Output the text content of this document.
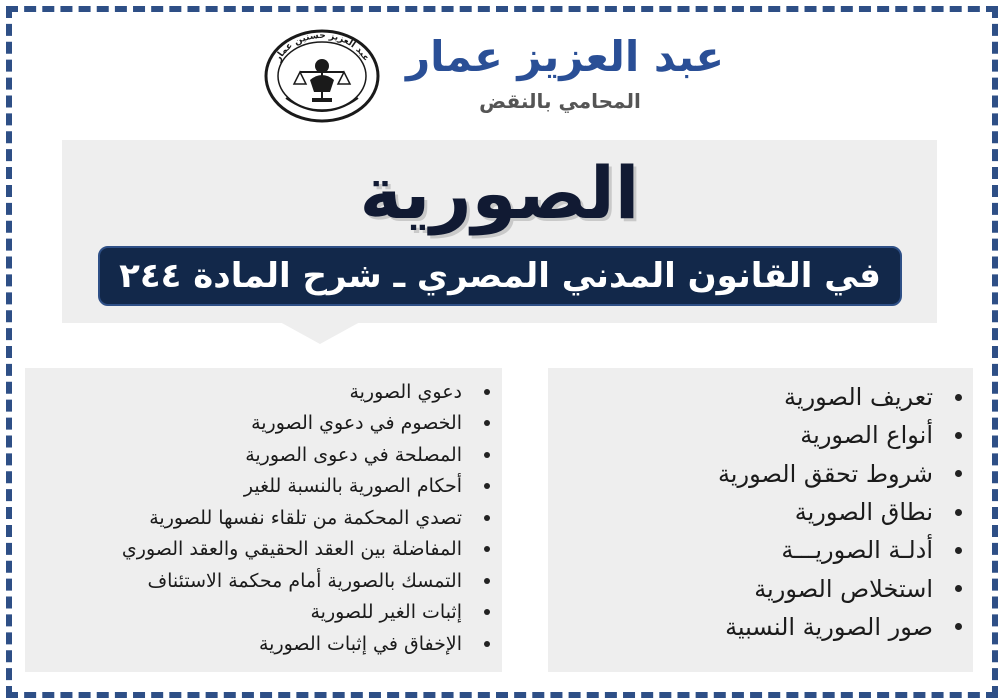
عبد العزيز حسنين عمار عبد العزيز عمار
المحامي بالنقض
الصورية
في القانون المدني المصري ـ شرح المادة ٢٤٤
تعريف الصورية
أنواع الصورية
شروط تحقق الصورية
نطاق الصورية
أدلـة الصوريـــة
استخلاص الصورية
صور الصورية النسبية
دعوي الصورية
الخصوم في دعوي الصورية
المصلحة في دعوى الصورية
أحكام الصورية بالنسبة للغير
تصدي المحكمة من تلقاء نفسها للصورية
المفاضلة بين العقد الحقيقي والعقد الصوري
التمسك بالصورية أمام محكمة الاستئناف
إثبات الغير للصورية
الإخفاق في إثبات الصورية
